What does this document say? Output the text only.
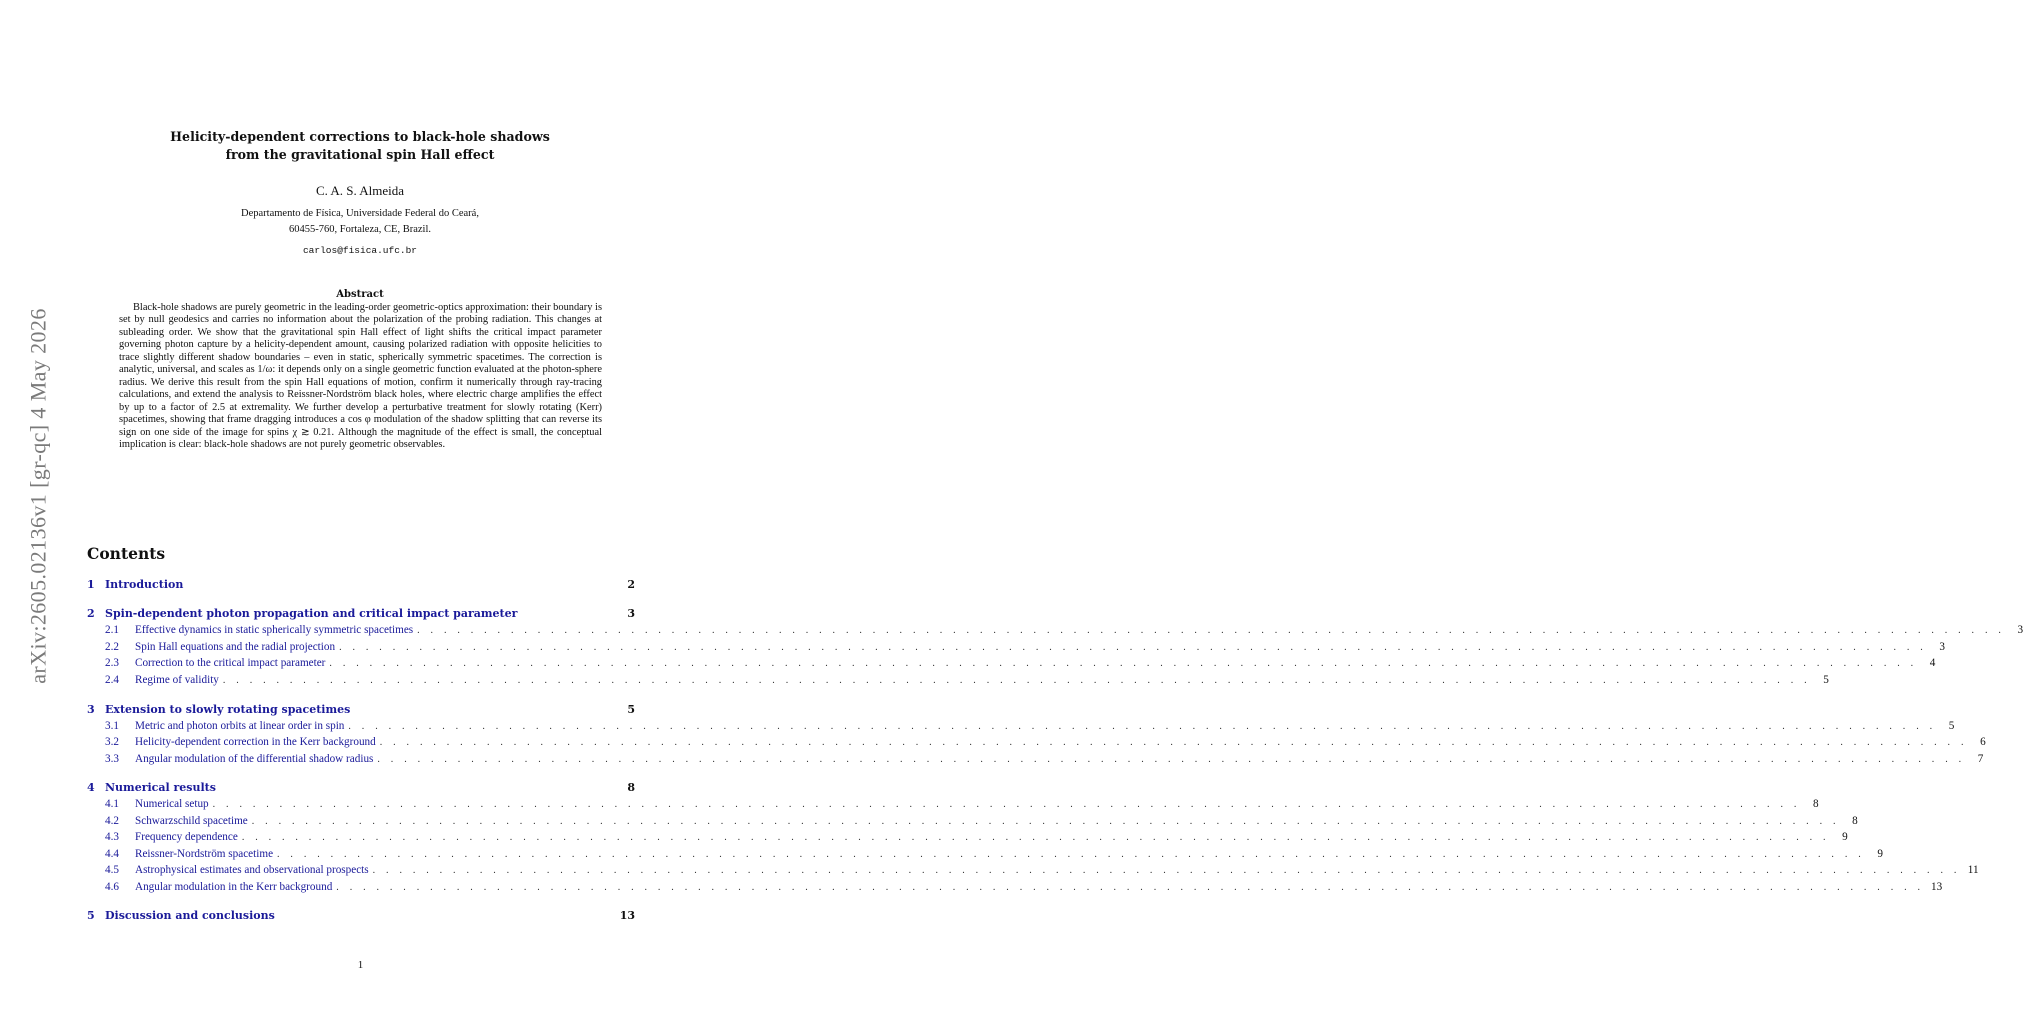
arXiv:2605.02136v1 [gr-qc] 4 May 2026
Helicity-dependent corrections to black-hole shadows
from the gravitational spin Hall effect
C. A. S. Almeida
Departamento de Física, Universidade Federal do Ceará,
60455-760, Fortaleza, CE, Brazil.
carlos@fisica.ufc.br
Abstract

Black-hole shadows are purely geometric in the leading-order geometric-optics approximation: their boundary is set by null geodesics and carries no information about the polarization of the probing radiation. This changes at subleading order. We show that the gravitational spin Hall effect of light shifts the critical impact parameter governing photon capture by a helicity-dependent amount, causing polarized radiation with opposite helicities to trace slightly different shadow boundaries – even in static, spherically symmetric spacetimes. The correction is analytic, universal, and scales as 1/ω: it depends only on a single geometric function evaluated at the photon-sphere radius. We derive this result from the spin Hall equations of motion, confirm it numerically through ray-tracing calculations, and extend the analysis to Reissner-Nordström black holes, where electric charge amplifies the effect by up to a factor of 2.5 at extremality. We further develop a perturbative treatment for slowly rotating (Kerr) spacetimes, showing that frame dragging introduces a cos φ modulation of the shadow splitting that can reverse its sign on one side of the image for spins χ ≳ 0.21. Although the magnitude of the effect is small, the conceptual implication is clear: black-hole shadows are not purely geometric observables.

Contents
1 Introduction	2
2 Spin-dependent photon propagation and critical impact parameter	3
2.1	Effective dynamics in static spherically symmetric spacetimes . . . . . . . . . . . . . . . . . . . . . . . . . . . . . . . . . . . . . . . . . . . . . . . . . . . . . . . . . . . . . . . . . . . . . . . . . . . . . . . . . . . . . . . . . . . . . . . . . . . . . . . . . . . . . . . . . . . . . . .	3
2.2	Spin Hall equations and the radial projection . . . . . . . . . . . . . . . . . . . . . . . . . . . . . . . . . . . . . . . . . . . . . . . . . . . . . . . . . . . . . . . . . . . . . . . . . . . . . . . . . . . . . . . . . . . . . . . . . . . . . . . . . . . . . . . . . . . . . . .	3
2.3	Correction to the critical impact parameter . . . . . . . . . . . . . . . . . . . . . . . . . . . . . . . . . . . . . . . . . . . . . . . . . . . . . . . . . . . . . . . . . . . . . . . . . . . . . . . . . . . . . . . . . . . . . . . . . . . . . . . . . . . . . . . . . . . . . . .	4
2.4	Regime of validity . . . . . . . . . . . . . . . . . . . . . . . . . . . . . . . . . . . . . . . . . . . . . . . . . . . . . . . . . . . . . . . . . . . . . . . . . . . . . . . . . . . . . . . . . . . . . . . . . . . . . . . . . . . . . . . . . . . . . . .	5
3 Extension to slowly rotating spacetimes	5
3.1	Metric and photon orbits at linear order in spin . . . . . . . . . . . . . . . . . . . . . . . . . . . . . . . . . . . . . . . . . . . . . . . . . . . . . . . . . . . . . . . . . . . . . . . . . . . . . . . . . . . . . . . . . . . . . . . . . . . . . . . . . . . . . . . . . . . . . . .	5
3.2	Helicity-dependent correction in the Kerr background . . . . . . . . . . . . . . . . . . . . . . . . . . . . . . . . . . . . . . . . . . . . . . . . . . . . . . . . . . . . . . . . . . . . . . . . . . . . . . . . . . . . . . . . . . . . . . . . . . . . . . . . . . . . . . . . . . . . . . .	6
3.3	Angular modulation of the differential shadow radius . . . . . . . . . . . . . . . . . . . . . . . . . . . . . . . . . . . . . . . . . . . . . . . . . . . . . . . . . . . . . . . . . . . . . . . . . . . . . . . . . . . . . . . . . . . . . . . . . . . . . . . . . . . . . . . . . . . . . . .	7
4 Numerical results	8
4.1	Numerical setup . . . . . . . . . . . . . . . . . . . . . . . . . . . . . . . . . . . . . . . . . . . . . . . . . . . . . . . . . . . . . . . . . . . . . . . . . . . . . . . . . . . . . . . . . . . . . . . . . . . . . . . . . . . . . . . . . . . . . . .	8
4.2	Schwarzschild spacetime . . . . . . . . . . . . . . . . . . . . . . . . . . . . . . . . . . . . . . . . . . . . . . . . . . . . . . . . . . . . . . . . . . . . . . . . . . . . . . . . . . . . . . . . . . . . . . . . . . . . . . . . . . . . . . . . . . . . . . .	8
4.3	Frequency dependence . . . . . . . . . . . . . . . . . . . . . . . . . . . . . . . . . . . . . . . . . . . . . . . . . . . . . . . . . . . . . . . . . . . . . . . . . . . . . . . . . . . . . . . . . . . . . . . . . . . . . . . . . . . . . . . . . . . . . . .	9
4.4	Reissner-Nordström spacetime . . . . . . . . . . . . . . . . . . . . . . . . . . . . . . . . . . . . . . . . . . . . . . . . . . . . . . . . . . . . . . . . . . . . . . . . . . . . . . . . . . . . . . . . . . . . . . . . . . . . . . . . . . . . . . . . . . . . . . .	9
4.5	Astrophysical estimates and observational prospects . . . . . . . . . . . . . . . . . . . . . . . . . . . . . . . . . . . . . . . . . . . . . . . . . . . . . . . . . . . . . . . . . . . . . . . . . . . . . . . . . . . . . . . . . . . . . . . . . . . . . . . . . . . . . . . . . . . . . . . 11
4.6	Angular modulation in the Kerr background . . . . . . . . . . . . . . . . . . . . . . . . . . . . . . . . . . . . . . . . . . . . . . . . . . . . . . . . . . . . . . . . . . . . . . . . . . . . . . . . . . . . . . . . . . . . . . . . . . . . . . . . . . . . . . . . . . . . . . . 13
5 Discussion and conclusions	13
1
